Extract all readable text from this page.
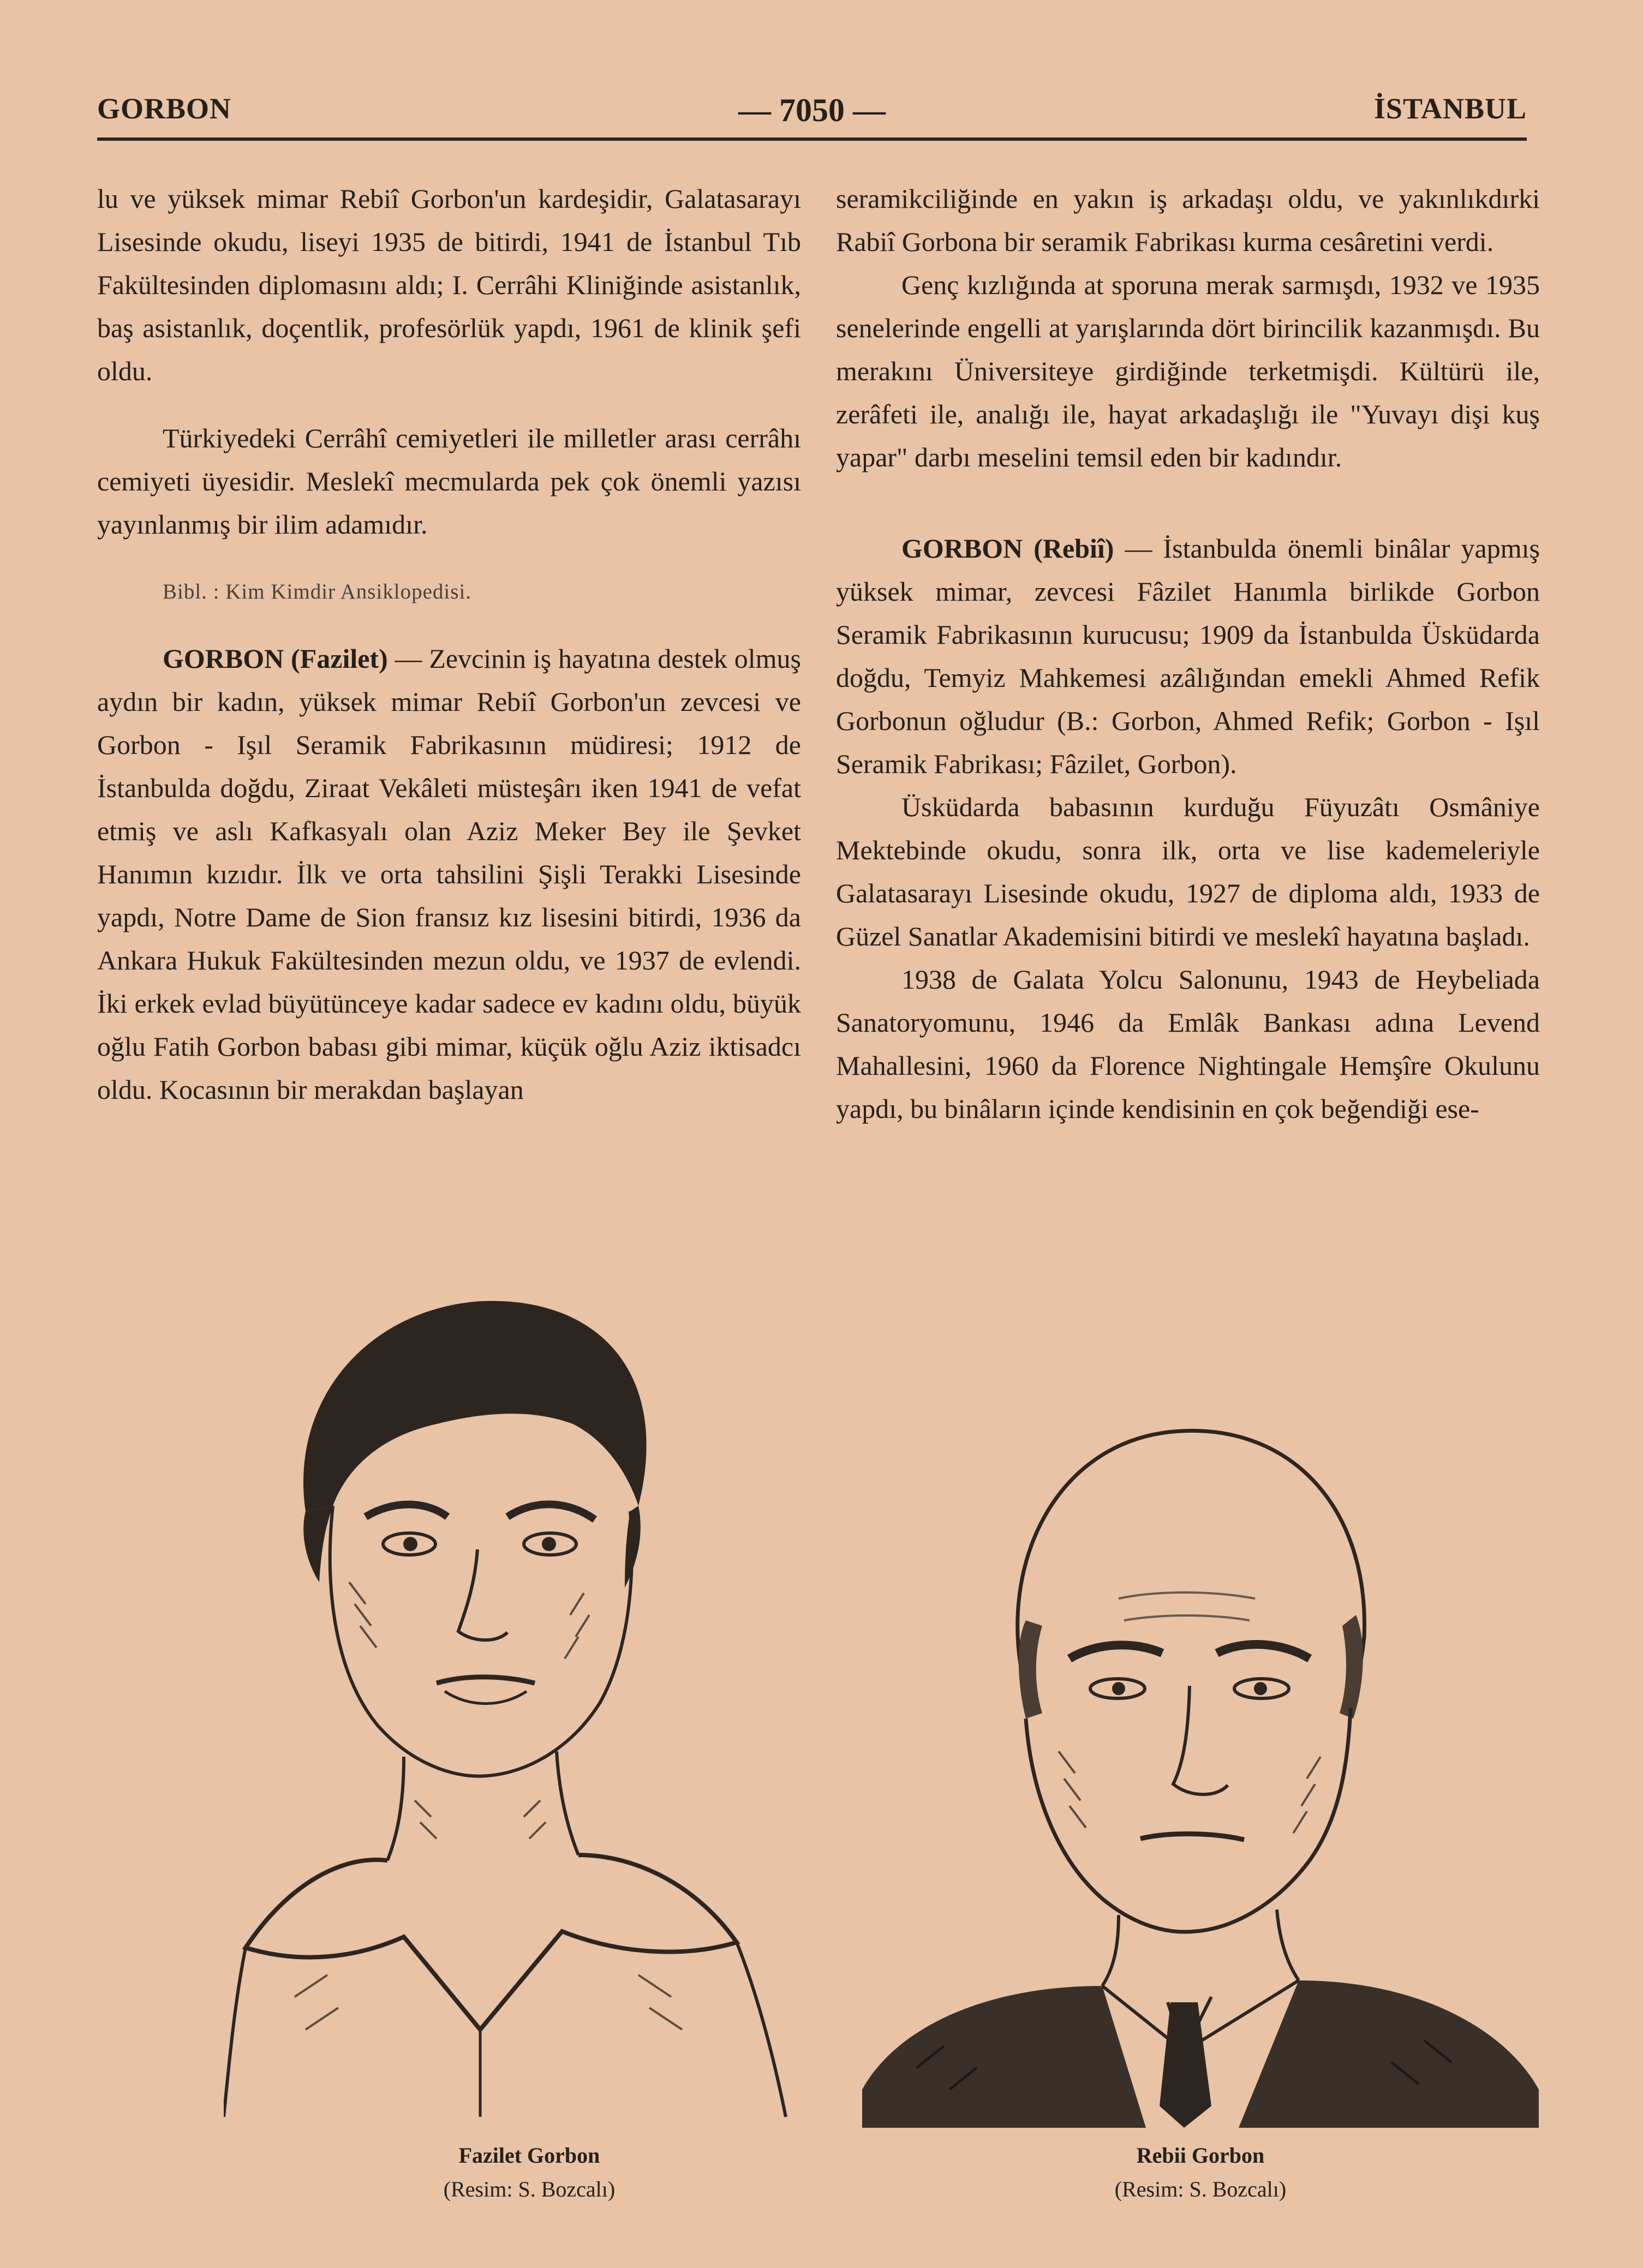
GORBON	— 7050 —	İSTANBUL

lu ve yüksek mimar Rebiî Gorbon'un kardeşidir, Galatasarayı Lisesinde okudu, liseyi 1935 de bitirdi, 1941 de İstanbul Tıb Fakültesinden diplomasını aldı; I. Cerrâhi Kliniğinde asistanlık, baş asistanlık, doçentlik, profesörlük yapdı, 1961 de klinik şefi oldu.

Türkiyedeki Cerrâhî cemiyetleri ile milletler arası cerrâhı cemiyeti üyesidir. Meslekî mecmularda pek çok önemli yazısı yayınlanmış bir ilim adamıdır.

Bibl. : Kim Kimdir Ansiklopedisi.

GORBON (Fazilet) — Zevcinin iş hayatına destek olmuş aydın bir kadın, yüksek mimar Rebiî Gorbon'un zevcesi ve Gorbon - Işıl Seramik Fabrikasının müdiresi; 1912 de İstanbulda doğdu, Ziraat Vekâleti müsteşârı iken 1941 de vefat etmiş ve aslı Kafkasyalı olan Aziz Meker Bey ile Şevket Hanımın kızıdır. İlk ve orta tahsilini Şişli Terakki Lisesinde yapdı, Notre Dame de Sion fransız kız lisesini bitirdi, 1936 da Ankara Hukuk Fakültesinden mezun oldu, ve 1937 de evlendi. İki erkek evlad büyütünceye kadar sadece ev kadını oldu, büyük oğlu Fatih Gorbon babası gibi mimar, küçük oğlu Aziz iktisadcı oldu. Kocasının bir merakdan başlayan

seramikciliğinde en yakın iş arkadaşı oldu, ve yakınlıkdırki Rabiî Gorbona bir seramik Fabrikası kurma cesâretini verdi.

Genç kızlığında at sporuna merak sarmışdı, 1932 ve 1935 senelerinde engelli at yarışlarında dört birincilik kazanmışdı. Bu merakını Üniversiteye girdiğinde terketmişdi. Kültürü ile, zerâfeti ile, analığı ile, hayat arkadaşlığı ile "Yuvayı dişi kuş yapar" darbı meselini temsil eden bir kadındır.

GORBON (Rebiî) — İstanbulda önemli binâlar yapmış yüksek mimar, zevcesi Fâzilet Hanımla birlikde Gorbon Seramik Fabrikasının kurucusu; 1909 da İstanbulda Üsküdarda doğdu, Temyiz Mahkemesi azâlığından emekli Ahmed Refik Gorbonun oğludur (B.: Gorbon, Ahmed Refik; Gorbon - Işıl Seramik Fabrikası; Fâzilet, Gorbon).

Üsküdarda babasının kurduğu Füyuzâtı Osmâniye Mektebinde okudu, sonra ilk, orta ve lise kademeleriyle Galatasarayı Lisesinde okudu, 1927 de diploma aldı, 1933 de Güzel Sanatlar Akademisini bitirdi ve meslekî hayatına başladı.

1938 de Galata Yolcu Salonunu, 1943 de Heybeliada Sanatoryomunu, 1946 da Emlâk Bankası adına Levend Mahallesini, 1960 da Florence Nightingale Hemşîre Okulunu yapdı, bu binâların içinde kendisinin en çok beğendiği ese-

Fazilet Gorbon
(Resim: S. Bozcalı)
Rebii Gorbon
(Resim: S. Bozcalı)
